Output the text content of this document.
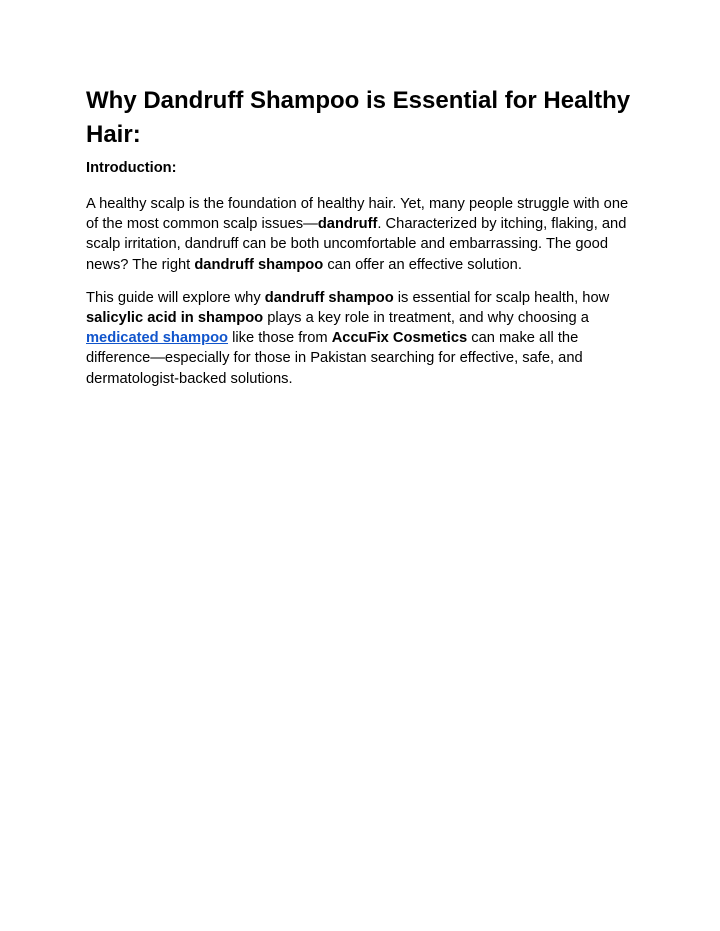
Why Dandruff Shampoo is Essential for Healthy Hair:
Introduction:

A healthy scalp is the foundation of healthy hair. Yet, many people struggle with one of the most common scalp issues—dandruff. Characterized by itching, flaking, and scalp irritation, dandruff can be both uncomfortable and embarrassing. The good news? The right dandruff shampoo can offer an effective solution.

This guide will explore why dandruff shampoo is essential for scalp health, how salicylic acid in shampoo plays a key role in treatment, and why choosing a medicated shampoo like those from AccuFix Cosmetics can make all the difference—especially for those in Pakistan searching for effective, safe, and dermatologist-backed solutions.
